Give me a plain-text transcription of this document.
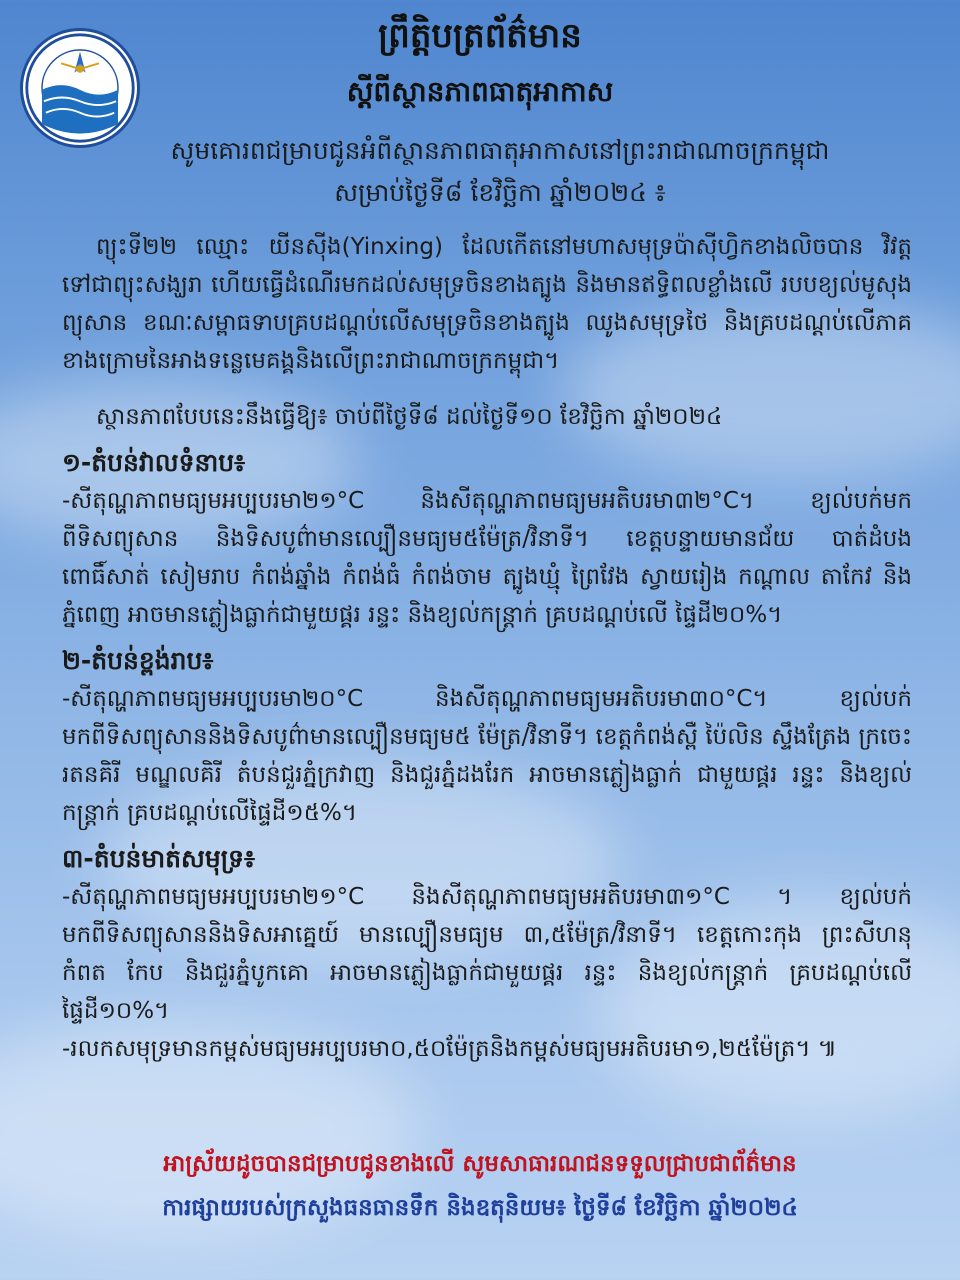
ព្រឹត្តិបត្រព័ត៌មាន
ស្តីពីស្ថានភាពធាតុអាកាស
សូមគោរពជម្រាបជូនអំពីស្ថានភាពធាតុអាកាសនៅព្រះរាជាណាចក្រកម្ពុជា
សម្រាប់ថ្ងៃទី៨ ខែវិច្ឆិកា ឆ្នាំ២០២៤ ៖

ព្យុះទី២២ ឈ្មោះ យីនស៊ីង(Yinxing) ដែលកើតនៅមហាសមុទ្រប៉ាស៊ីហ្វិកខាងលិចបាន វិវត្តទៅជាព្យុះសង្ឃរា ហើយធ្វើដំណើរមកដល់សមុទ្រចិនខាងត្បូង និងមានឥទ្ធិពលខ្លាំងលើ របបខ្យល់មូសុងព្យុសាន ខណៈសម្ពាធទាបគ្របដណ្តប់លើសមុទ្រចិនខាងត្បូង ឈូងសមុទ្រថៃ និងគ្របដណ្តប់លើភាគខាងក្រោមនៃអាងទន្លេមេគង្គនិងលើព្រះរាជាណាចក្រកម្ពុជា។

ស្ថានភាពបែបនេះនឹងធ្វើឱ្យ៖ ចាប់ពីថ្ងៃទី៨ ដល់ថ្ងៃទី១០ ខែវិច្ឆិកា ឆ្នាំ២០២៤

១-តំបន់វាលទំនាប៖

-សីតុណ្ហភាពមធ្យមអប្បបរមា២១°C និងសីតុណ្ហភាពមធ្យមអតិបរមា៣២°C។ ខ្យល់បក់មក ពីទិសព្យុសាន និងទិសបូព៌ាមានល្បឿនមធ្យម៥ម៉ែត្រ/វិនាទី។ ខេត្តបន្ទាយមានជ័យ បាត់ដំបង ពោធិ៍សាត់ សៀមរាប កំពង់ឆ្នាំង កំពង់ធំ កំពង់ចាម ត្បូងឃ្មុំ ព្រៃវែង ស្វាយរៀង កណ្តាល តាកែវ និងភ្នំពេញ អាចមានភ្លៀងធ្លាក់ជាមួយផ្គរ រន្ទះ និងខ្យល់កន្ត្រាក់ គ្របដណ្តប់លើ ផ្ទៃដី២០%។

២-តំបន់ខ្ពង់រាប៖

-សីតុណ្ហភាពមធ្យមអប្បបរមា២០°C និងសីតុណ្ហភាពមធ្យមអតិបរមា៣០°C។ ខ្យល់បក់ មកពីទិសព្យុសាននិងទិសបូព៌ាមានល្បឿនមធ្យម៥ ម៉ែត្រ/វិនាទី។ ខេត្តកំពង់ស្ពឺ ប៉ៃលិន ស្ទឹងត្រែង ក្រចេះ រតនគិរី មណ្ឌលគិរី តំបន់ជួរភ្នំក្រវាញ និងជួរភ្នំដងរែក អាចមានភ្លៀងធ្លាក់ ជាមួយផ្គរ រន្ទះ និងខ្យល់កន្ត្រាក់ គ្របដណ្តប់លើផ្ទៃដី១៥%។

៣-តំបន់មាត់សមុទ្រ៖

-សីតុណ្ហភាពមធ្យមអប្បបរមា២១°C និងសីតុណ្ហភាពមធ្យមអតិបរមា៣១°C ។ ខ្យល់បក់ មកពីទិសព្យុសាននិងទិសអាគ្នេយ៍ មានល្បឿនមធ្យម ៣,៥ម៉ែត្រ/វិនាទី។ ខេត្តកោះកុង ព្រះសីហនុ កំពត កែប និងជួរភ្នំបូកគោ អាចមានភ្លៀងធ្លាក់ជាមួយផ្គរ រន្ទះ និងខ្យល់កន្ត្រាក់ គ្របដណ្តប់លើផ្ទៃដី១០%។

-រលកសមុទ្រមានកម្ពស់មធ្យមអប្បបរមា០,៥០ម៉ែត្រនិងកម្ពស់មធ្យមអតិបរមា១,២៥ម៉ែត្រ។ ៕

អាស្រ័យដូចបានជម្រាបជូនខាងលើ សូមសាធារណជនទទួលជ្រាបជាព័ត៌មាន
ការផ្សាយរបស់ក្រសួងធនធានទឹក និងឧតុនិយម៖ ថ្ងៃទី៨ ខែវិច្ឆិកា ឆ្នាំ២០២៤
